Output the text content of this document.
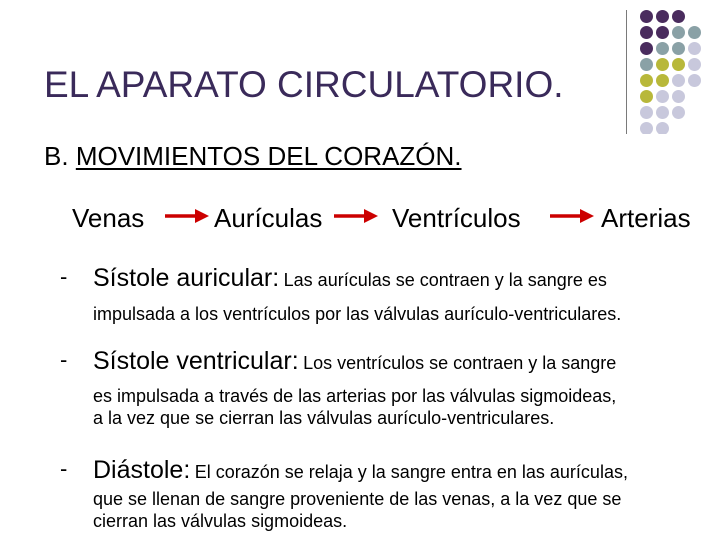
EL APARATO CIRCULATORIO.
B. MOVIMIENTOS DEL CORAZÓN.
Venas	Aurículas	Ventrículos	Arterias
- Sístole auricular: Las aurículas se contraen y la sangre es
impulsada a los ventrículos por las válvulas aurículo-ventriculares.
- Sístole ventricular: Los ventrículos se contraen y la sangre
es impulsada a través de las arterias por las válvulas sigmoideas,
a la vez que se cierran las válvulas aurículo-ventriculares.
- Diástole: El corazón se relaja y la sangre entra en las aurículas,
que se llenan de sangre proveniente de las venas, a la vez que se
cierran las válvulas sigmoideas.
